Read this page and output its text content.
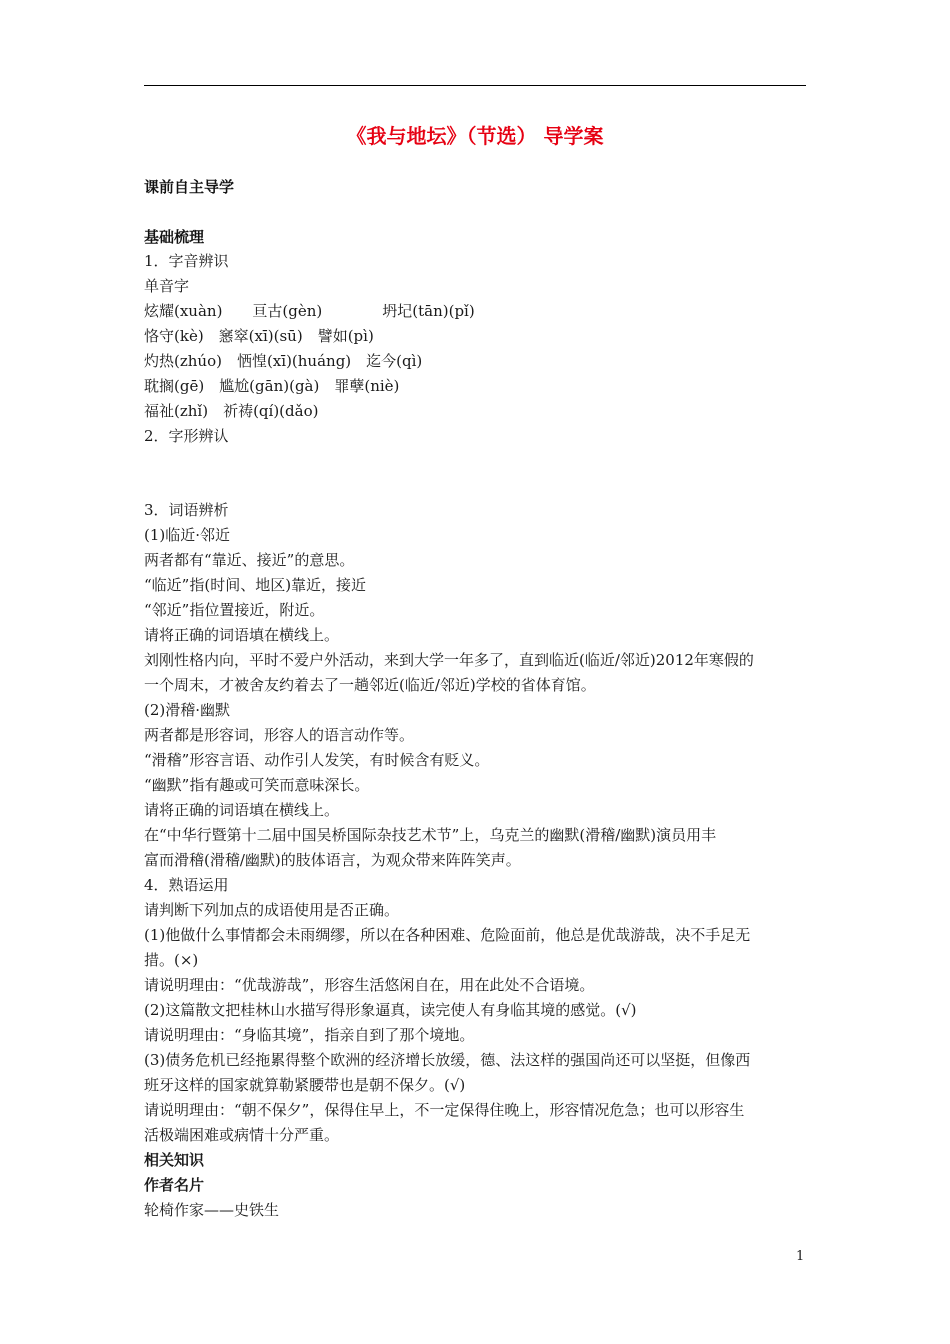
《我与地坛》（节选） 导学案
课前自主导学
基础梳理
1．字音辨识
单音字
炫耀(xuàn)　　亘古(gèn)　　　　坍圮(tān)(pǐ)
恪守(kè)　窸窣(xī)(sū)　譬如(pì)
灼热(zhúo)　恓惶(xī)(huáng)　迄今(qì)
耽搁(gē)　尴尬(gān)(gà)　罪孽(niè)
福祉(zhǐ)　祈祷(qí)(dǎo)
2．字形辨认
3．词语辨析
(1)临近·邻近
两者都有“靠近、接近”的意思。
“临近”指(时间、地区)靠近，接近
“邻近”指位置接近，附近。
请将正确的词语填在横线上。
刘刚性格内向，平时不爱户外活动，来到大学一年多了，直到临近(临近/邻近)2012年寒假的
一个周末，才被舍友约着去了一趟邻近(临近/邻近)学校的省体育馆。
(2)滑稽·幽默
两者都是形容词，形容人的语言动作等。
“滑稽”形容言语、动作引人发笑，有时候含有贬义。
“幽默”指有趣或可笑而意味深长。
请将正确的词语填在横线上。
在“中华行暨第十二届中国吴桥国际杂技艺术节”上，乌克兰的幽默(滑稽/幽默)演员用丰
富而滑稽(滑稽/幽默)的肢体语言，为观众带来阵阵笑声。
4．熟语运用
请判断下列加点的成语使用是否正确。
(1)他做什么事情都会未雨绸缪，所以在各种困难、危险面前，他总是优哉游哉，决不手足无
措。(×)
请说明理由：“优哉游哉”，形容生活悠闲自在，用在此处不合语境。
(2)这篇散文把桂林山水描写得形象逼真，读完使人有身临其境的感觉。(√)
请说明理由：“身临其境”，指亲自到了那个境地。
(3)债务危机已经拖累得整个欧洲的经济增长放缓，德、法这样的强国尚还可以坚挺，但像西
班牙这样的国家就算勒紧腰带也是朝不保夕。(√)
请说明理由：“朝不保夕”，保得住早上，不一定保得住晚上，形容情况危急；也可以形容生
活极端困难或病情十分严重。
相关知识
作者名片
轮椅作家——史铁生
1
